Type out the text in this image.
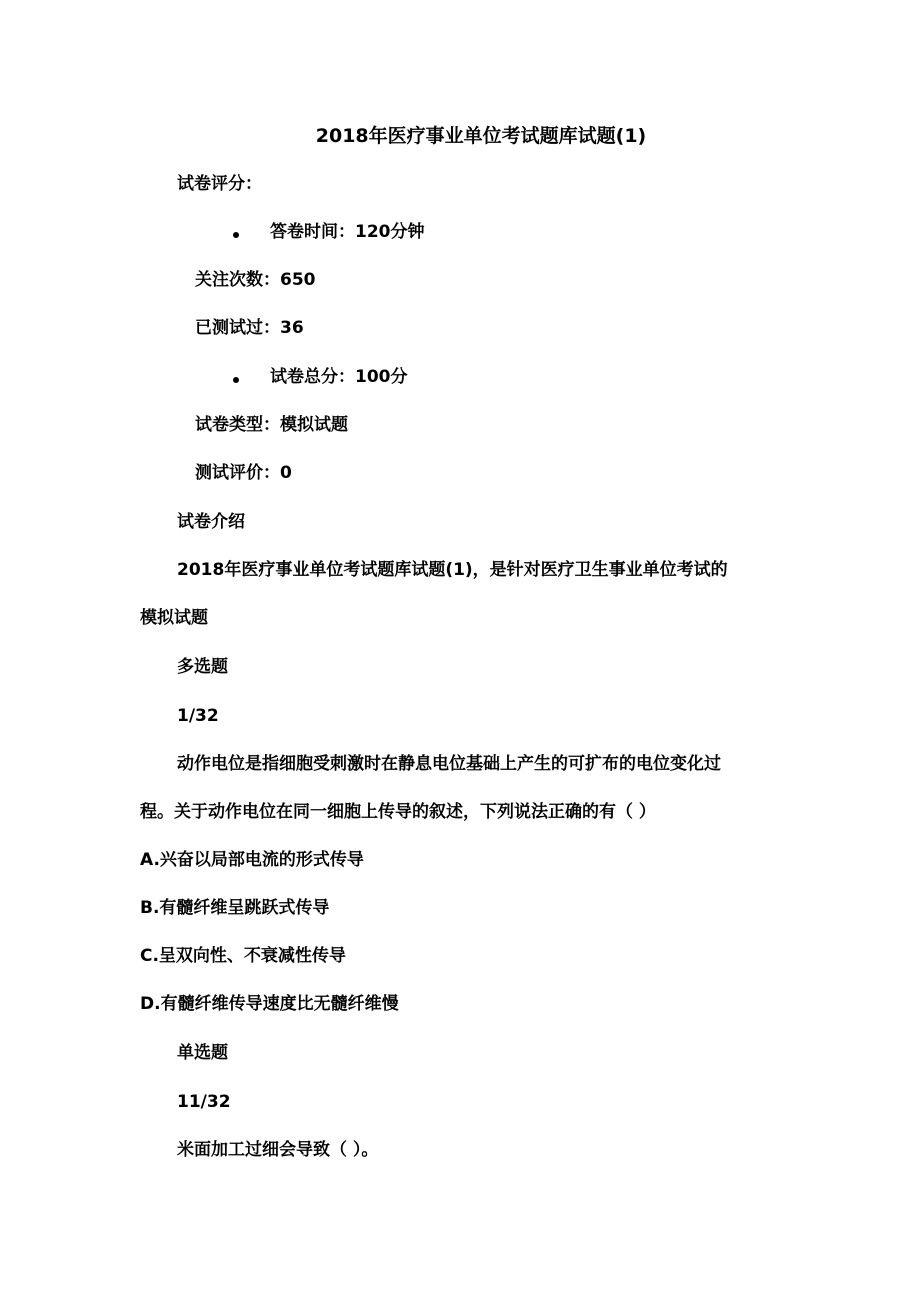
2018年医疗事业单位考试题库试题(1)
试卷评分：
答卷时间：120分钟
关注次数：650
已测试过：36
试卷总分：100分
试卷类型：模拟试题
测试评价：0
试卷介绍
2018年医疗事业单位考试题库试题(1)，是针对医疗卫生事业单位考试的
模拟试题
多选题
1/32
动作电位是指细胞受刺激时在静息电位基础上产生的可扩布的电位变化过
程。关于动作电位在同一细胞上传导的叙述，下列说法正确的有（ ）
A.兴奋以局部电流的形式传导
B.有髓纤维呈跳跃式传导
C.呈双向性、不衰减性传导
D.有髓纤维传导速度比无髓纤维慢
单选题
11/32
米面加工过细会导致（ ）。
